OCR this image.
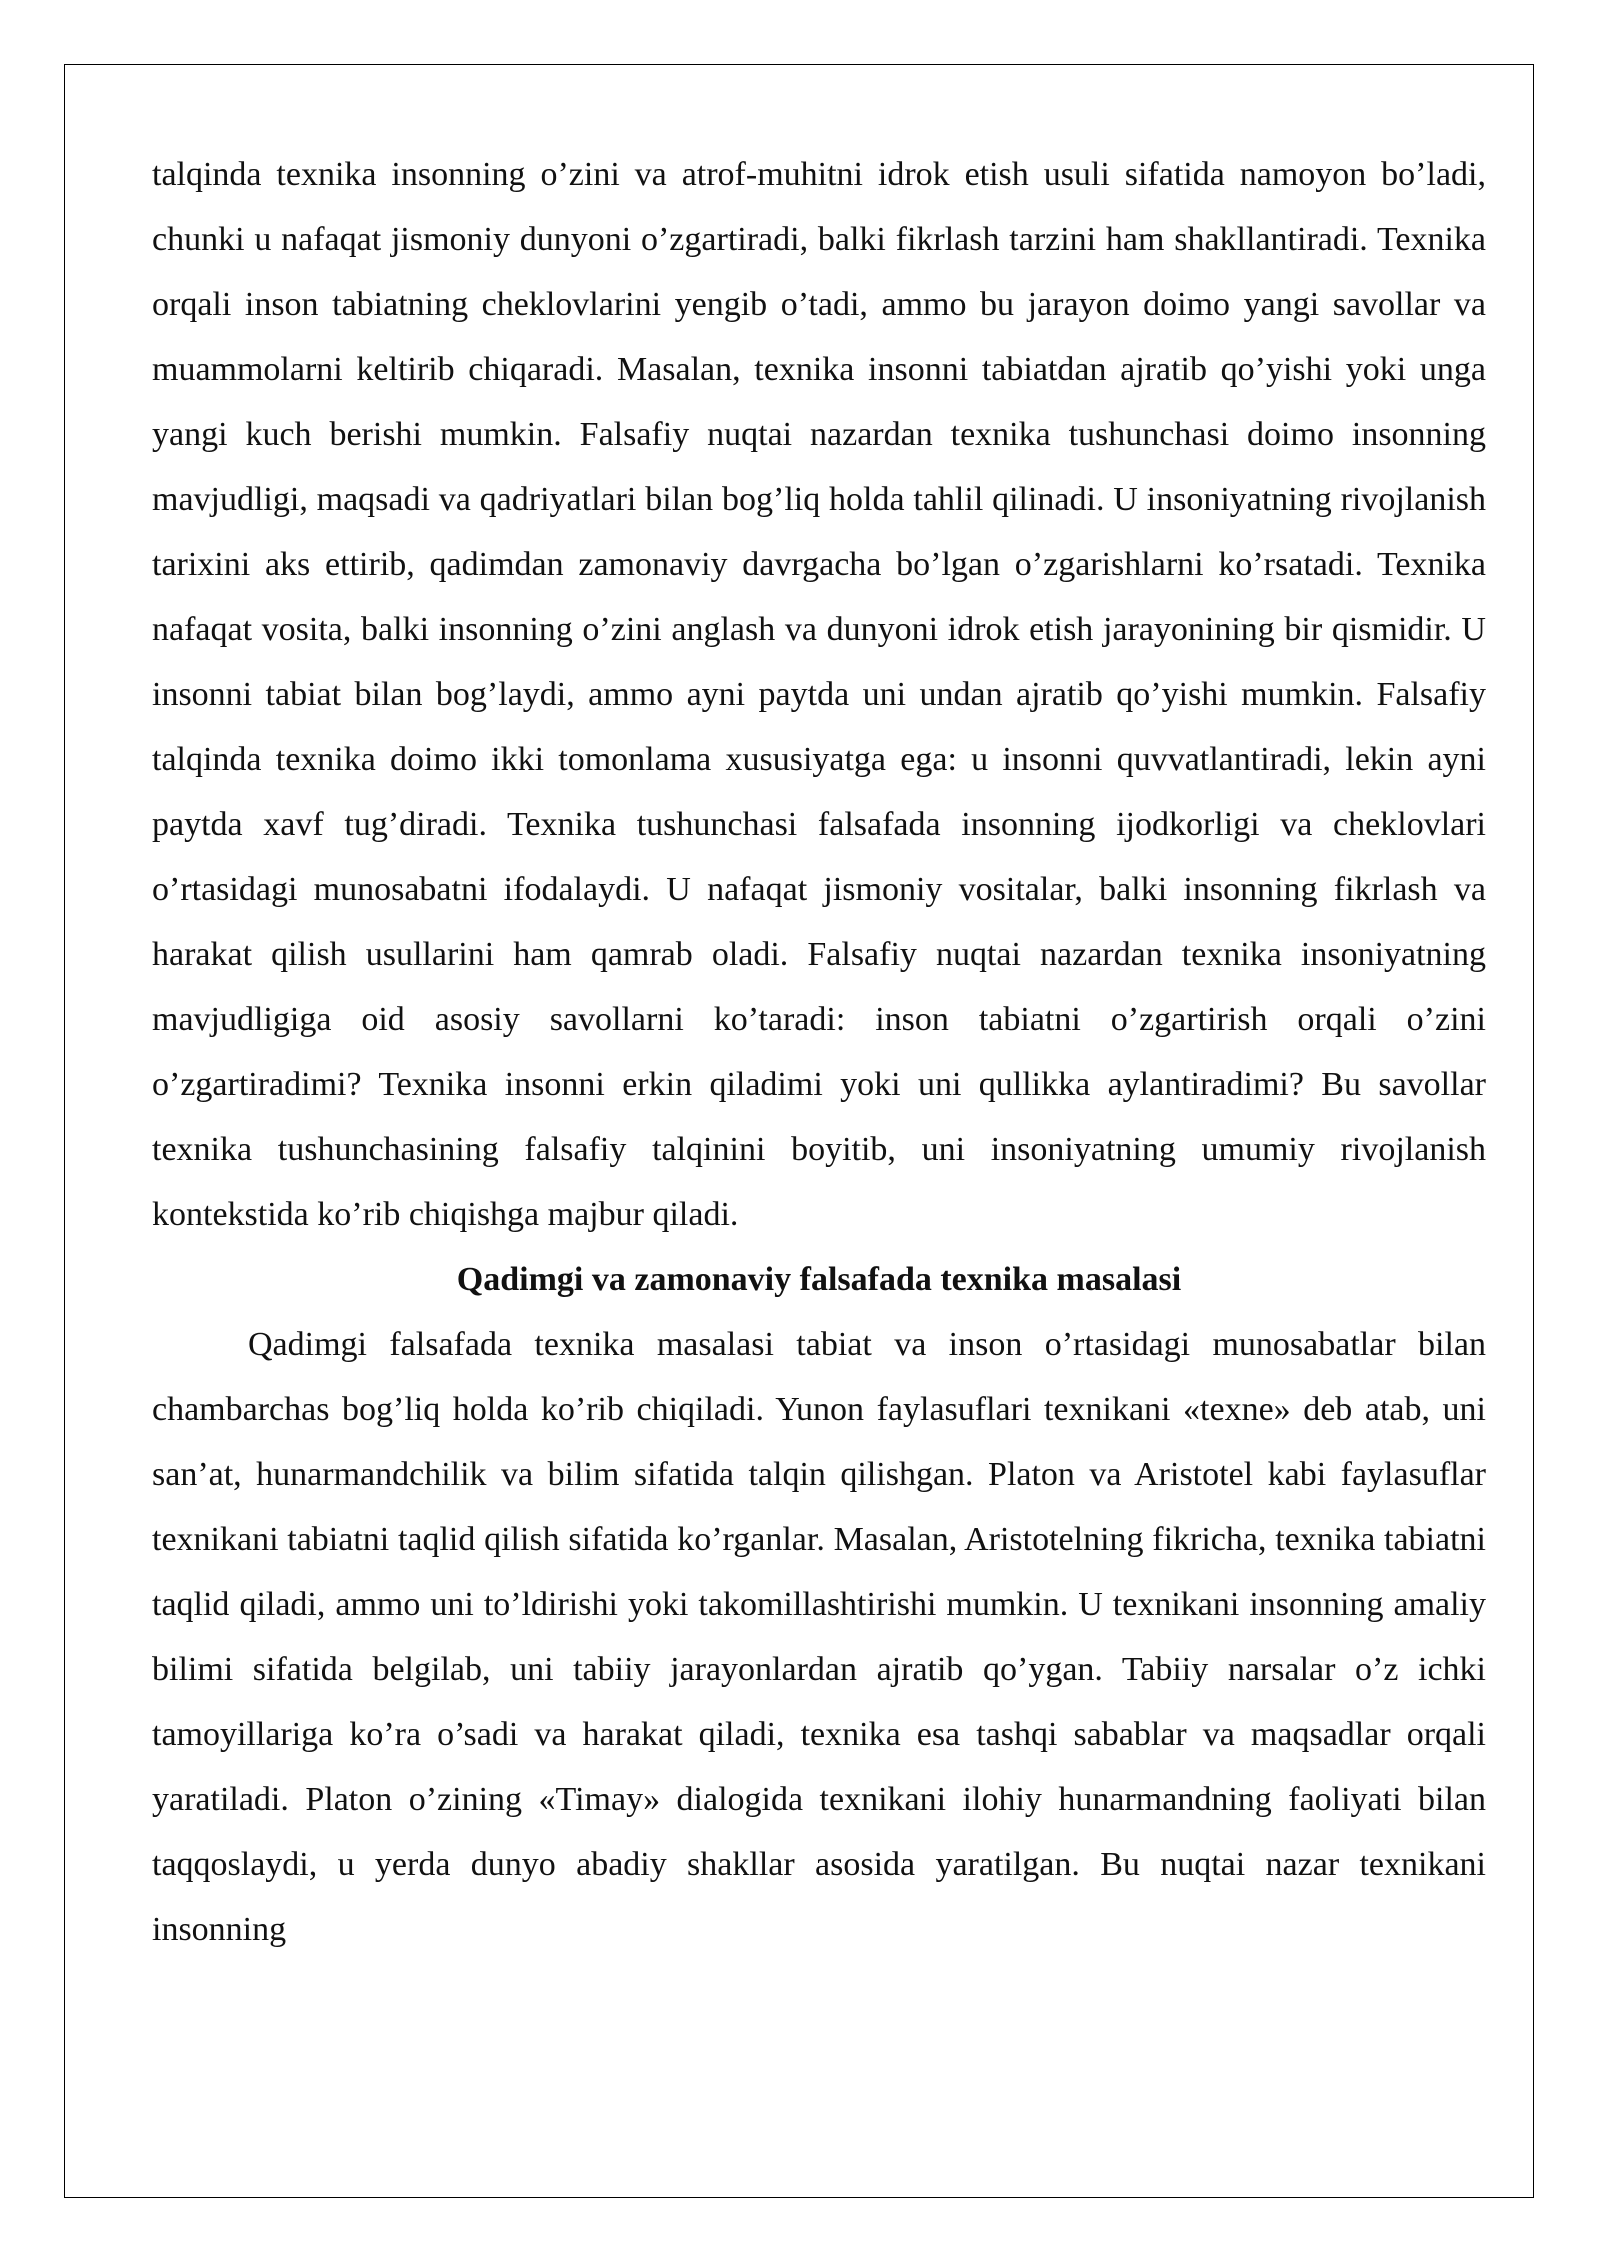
talqinda texnika insonning o’zini va atrof-muhitni idrok etish usuli sifatida namoyon bo’ladi, chunki u nafaqat jismoniy dunyoni o’zgartiradi, balki fikrlash tarzini ham shakllantiradi. Texnika orqali inson tabiatning cheklovlarini yengib o’tadi, ammo bu jarayon doimo yangi savollar va muammolarni keltirib chiqaradi. Masalan, texnika insonni tabiatdan ajratib qo’yishi yoki unga yangi kuch berishi mumkin. Falsafiy nuqtai nazardan texnika tushunchasi doimo insonning mavjudligi, maqsadi va qadriyatlari bilan bog’liq holda tahlil qilinadi. U insoniyatning rivojlanish tarixini aks ettirib, qadimdan zamonaviy davrgacha bo’lgan o’zgarishlarni ko’rsatadi. Texnika nafaqat vosita, balki insonning o’zini anglash va dunyoni idrok etish jarayonining bir qismidir. U insonni tabiat bilan bog’laydi, ammo ayni paytda uni undan ajratib qo’yishi mumkin. Falsafiy talqinda texnika doimo ikki tomonlama xususiyatga ega: u insonni quvvatlantiradi, lekin ayni paytda xavf tug’diradi. Texnika tushunchasi falsafada insonning ijodkorligi va cheklovlari o’rtasidagi munosabatni ifodalaydi. U nafaqat jismoniy vositalar, balki insonning fikrlash va harakat qilish usullarini ham qamrab oladi. Falsafiy nuqtai nazardan texnika insoniyatning mavjudligiga oid asosiy savollarni ko’taradi: inson tabiatni o’zgartirish orqali o’zini o’zgartiradimi? Texnika insonni erkin qiladimi yoki uni qullikka aylantiradimi? Bu savollar texnika tushunchasining falsafiy talqinini boyitib, uni insoniyatning umumiy rivojlanish kontekstida ko’rib chiqishga majbur qiladi.

Qadimgi va zamonaviy falsafada texnika masalasi

Qadimgi falsafada texnika masalasi tabiat va inson o’rtasidagi munosabatlar bilan chambarchas bog’liq holda ko’rib chiqiladi. Yunon faylasuflari texnikani «texne» deb atab, uni san’at, hunarmandchilik va bilim sifatida talqin qilishgan. Platon va Aristotel kabi faylasuflar texnikani tabiatni taqlid qilish sifatida ko’rganlar. Masalan, Aristotelning fikricha, texnika tabiatni taqlid qiladi, ammo uni to’ldirishi yoki takomillashtirishi mumkin. U texnikani insonning amaliy bilimi sifatida belgilab, uni tabiiy jarayonlardan ajratib qo’ygan. Tabiiy narsalar o’z ichki tamoyillariga ko’ra o’sadi va harakat qiladi, texnika esa tashqi sabablar va maqsadlar orqali yaratiladi. Platon o’zining «Timay» dialogida texnikani ilohiy hunarmandning faoliyati bilan taqqoslaydi, u yerda dunyo abadiy shakllar asosida yaratilgan. Bu nuqtai nazar texnikani insonning
